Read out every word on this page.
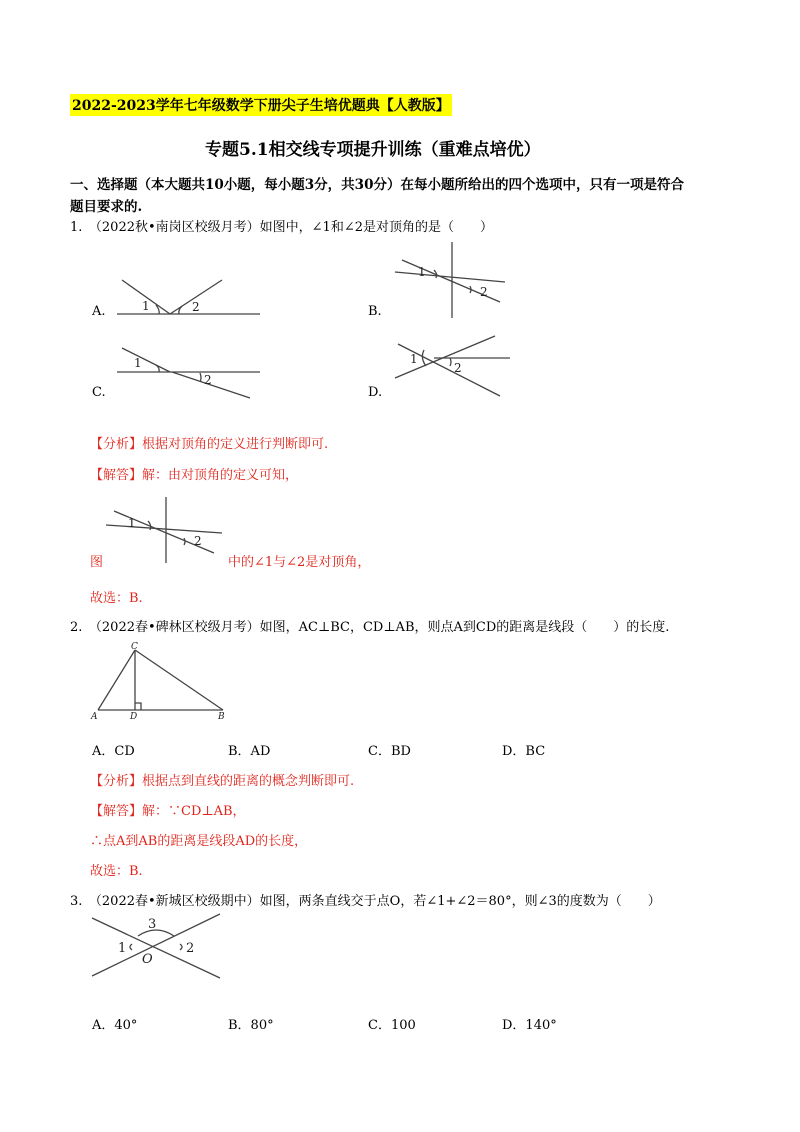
2022-2023学年七年级数学下册尖子生培优题典【人教版】
专题5.1相交线专项提升训练（重难点培优）
一、选择题（本大题共10小题，每小题3分，共30分）在每小题所给出的四个选项中，只有一项是符合
题目要求的.
1.　（2022秋•南岗区校级月考）如图中，∠1和∠2是对顶角的是（　　）
A.	1	2	B.
1
2
C.
1
2
D.
1
2
【分析】根据对顶角的定义进行判断即可.
【解答】解：由对顶角的定义可知，
1
2
图	中的∠1与∠2是对顶角，
故选：B.
2.　（2022春•碑林区校级月考）如图，AC⊥BC，CD⊥AB，则点A到CD的距离是线段（　　）的长度.
C
A	D	B
A．CD	B．AD	C．BD	D．BC
【分析】根据点到直线的距离的概念判断即可.
【解答】解：∵CD⊥AB，
∴点A到AB的距离是线段AD的长度，
故选：B.
3.　（2022春•新城区校级期中）如图，两条直线交于点O，若∠1+∠2＝80°，则∠3的度数为（　　）
3
1	2
O
A．40°	B．80°	C．100	D．140°
